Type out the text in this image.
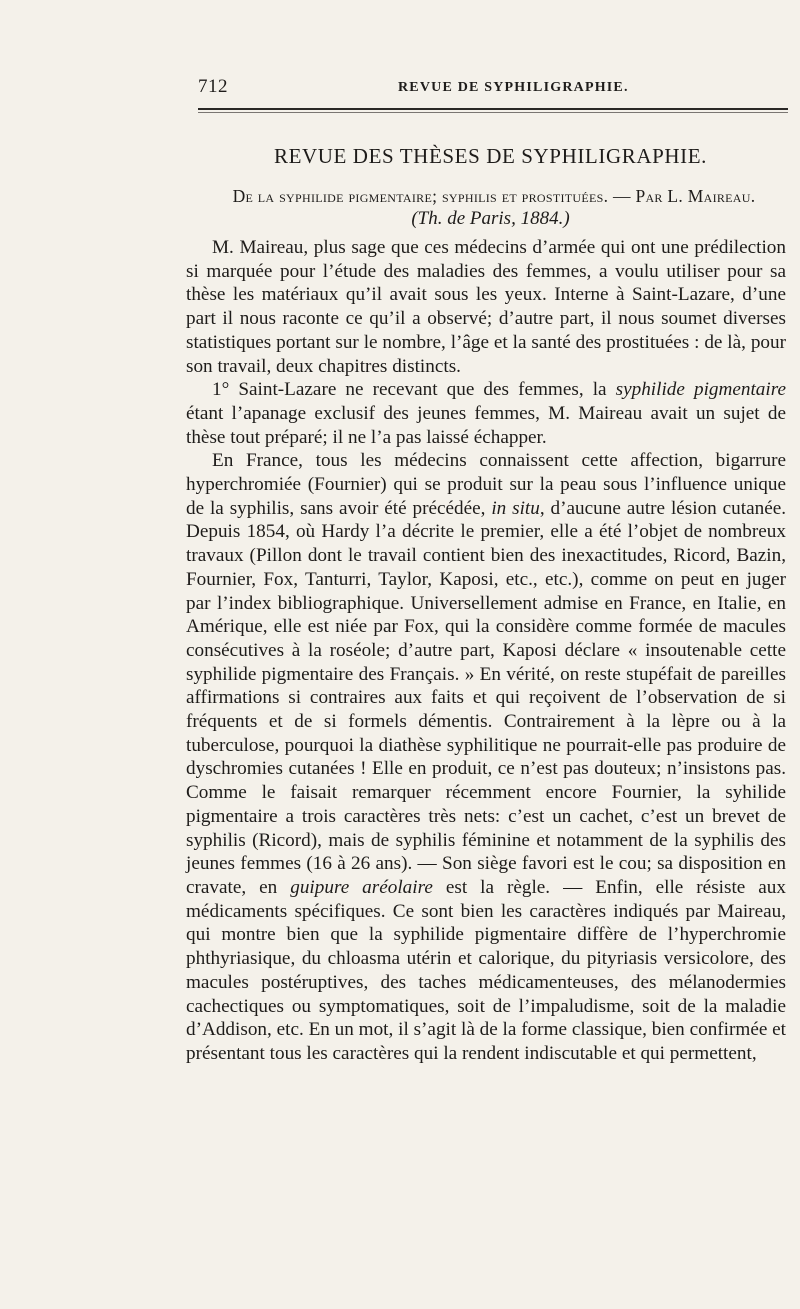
712	REVUE DE SYPHILIGRAPHIE.
REVUE DES THÈSES DE SYPHILIGRAPHIE.
De la syphilide pigmentaire; syphilis et prostituées. — Par L. Maireau.
(Th. de Paris, 1884.)

M. Maireau, plus sage que ces médecins d’armée qui ont une prédilection si marquée pour l’étude des maladies des femmes, a voulu utiliser pour sa thèse les matériaux qu’il avait sous les yeux. Interne à Saint-Lazare, d’une part il nous raconte ce qu’il a observé; d’autre part, il nous soumet diverses statistiques portant sur le nombre, l’âge et la santé des prostituées : de là, pour son travail, deux chapitres distincts.

1° Saint-Lazare ne recevant que des femmes, la syphilide pigmentaire étant l’apanage exclusif des jeunes femmes, M. Maireau avait un sujet de thèse tout préparé; il ne l’a pas laissé échapper.

En France, tous les médecins connaissent cette affection, bigarrure hyperchromiée (Fournier) qui se produit sur la peau sous l’influence unique de la syphilis, sans avoir été précédée, in situ, d’aucune autre lésion cutanée. Depuis 1854, où Hardy l’a décrite le premier, elle a été l’objet de nombreux travaux (Pillon dont le travail contient bien des inexactitudes, Ricord, Bazin, Fournier, Fox, Tanturri, Taylor, Kaposi, etc., etc.), comme on peut en juger par l’index bibliographique. Universellement admise en France, en Italie, en Amérique, elle est niée par Fox, qui la considère comme formée de macules consécutives à la roséole; d’autre part, Kaposi déclare « insoutenable cette syphilide pigmentaire des Français. » En vérité, on reste stupéfait de pareilles affirmations si contraires aux faits et qui reçoivent de l’observation de si fréquents et de si formels démentis. Contrairement à la lèpre ou à la tuberculose, pourquoi la diathèse syphilitique ne pourrait-elle pas produire de dyschromies cutanées ! Elle en produit, ce n’est pas douteux; n’insistons pas. Comme le faisait remarquer récemment encore Fournier, la syhilide pigmentaire a trois caractères très nets: c’est un cachet, c’est un brevet de syphilis (Ricord), mais de syphilis féminine et notamment de la syphilis des jeunes femmes (16 à 26 ans). — Son siège favori est le cou; sa disposition en cravate, en guipure aréolaire est la règle. — Enfin, elle résiste aux médicaments spécifiques. Ce sont bien les caractères indiqués par Maireau, qui montre bien que la syphilide pigmentaire diffère de l’hyperchromie phthyriasique, du chloasma utérin et calorique, du pityriasis versicolore, des macules postéruptives, des taches médicamenteuses, des mélanodermies cachectiques ou symptomatiques, soit de l’impaludisme, soit de la maladie d’Addison, etc. En un mot, il s’agit là de la forme classique, bien confirmée et présentant tous les caractères qui la rendent indiscutable et qui permettent,
